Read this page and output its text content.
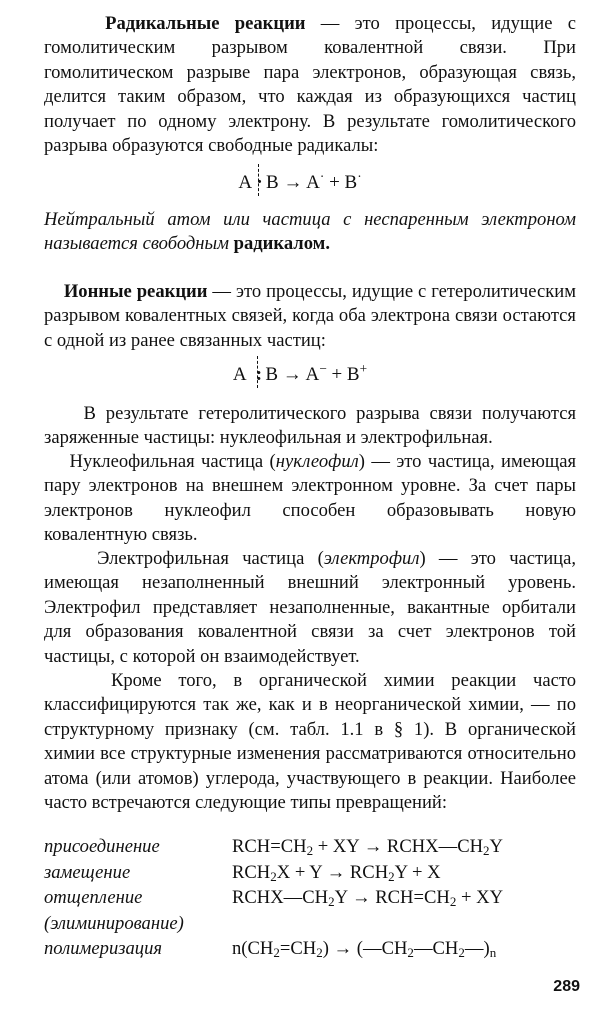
Радикальные реакции — это процессы, идущие с гомолитическим разрывом ковалентной связи. При гомолитическом разрыве пара электронов, образующая связь, делится таким образом, что каждая из образующихся частиц получает по одному электрону. В результате гомолитического разрыва образуются свободные радикалы:

A · B → A· + B·

Нейтральный атом или частица с неспаренным электроном называется свободным радикалом.

Ионные реакции — это процессы, идущие с гетеролитическим разрывом ковалентных связей, когда оба электрона связи остаются с одной из ранее связанных частиц:

A : B → A− + B+

В результате гетеролитического разрыва связи получаются заряженные частицы: нуклеофильная и электрофильная.

Нуклеофильная частица (нуклеофил) — это частица, имеющая пару электронов на внешнем электронном уровне. За счет пары электронов нуклеофил способен образовывать новую ковалентную связь.

Электрофильная частица (электрофил) — это частица, имеющая незаполненный внешний электронный уровень. Электрофил представляет незаполненные, вакантные орбитали для образования ковалентной связи за счет электронов той частицы, с которой он взаимодействует.

Кроме того, в органической химии реакции часто классифицируются так же, как и в неорганической химии, — по структурному признаку (см. табл. 1.1 в § 1). В органической химии все структурные изменения рассматриваются относительно атома (или атомов) углерода, участвующего в реакции. Наиболее часто встречаются следующие типы превращений:

присоединение	$RCH=CH_2$ + XY → $RCHX—CH_2Y$
замещение	$RCH_2X + Y \to RCH_2Y + X$
отщепление	$RCHX—CH_2Y \to RCH=CH_2$ + XY
(элиминирование)
полимеризация	$n(CH_2=CH_2)$ → $(—CH_2—CH_2—)_n$
289
